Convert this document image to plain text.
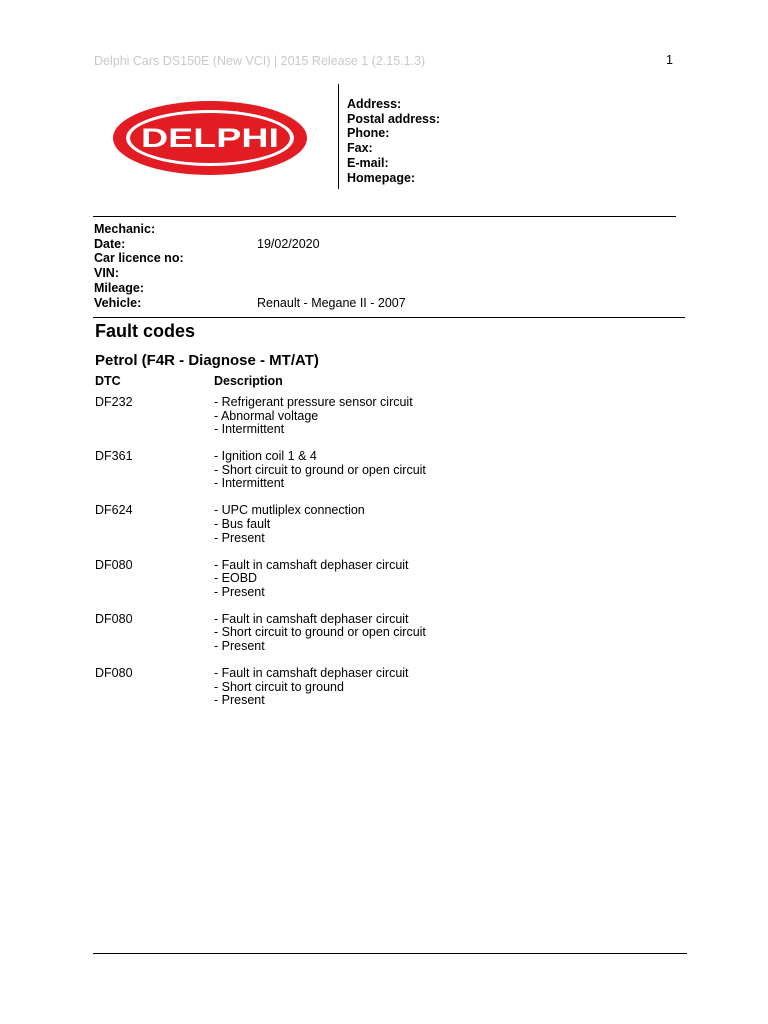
Delphi Cars DS150E (New VCI) | 2015 Release 1 (2.15.1.3)	1
DELPHI
Address:
Postal address:
Phone:
Fax:
E-mail:
Homepage:
Mechanic:
Date:	19/02/2020
Car licence no:
VIN:
Mileage:
Vehicle:	Renault - Megane II - 2007
Fault codes
Petrol (F4R - Diagnose - MT/AT)
DTC	Description
DF232	- Refrigerant pressure sensor circuit
- Abnormal voltage
- Intermittent
DF361	- Ignition coil 1 & 4
- Short circuit to ground or open circuit
- Intermittent
DF624	- UPC mutliplex connection
- Bus fault
- Present
DF080	- Fault in camshaft dephaser circuit
- EOBD
- Present
DF080	- Fault in camshaft dephaser circuit
- Short circuit to ground or open circuit
- Present
DF080	- Fault in camshaft dephaser circuit
- Short circuit to ground
- Present
